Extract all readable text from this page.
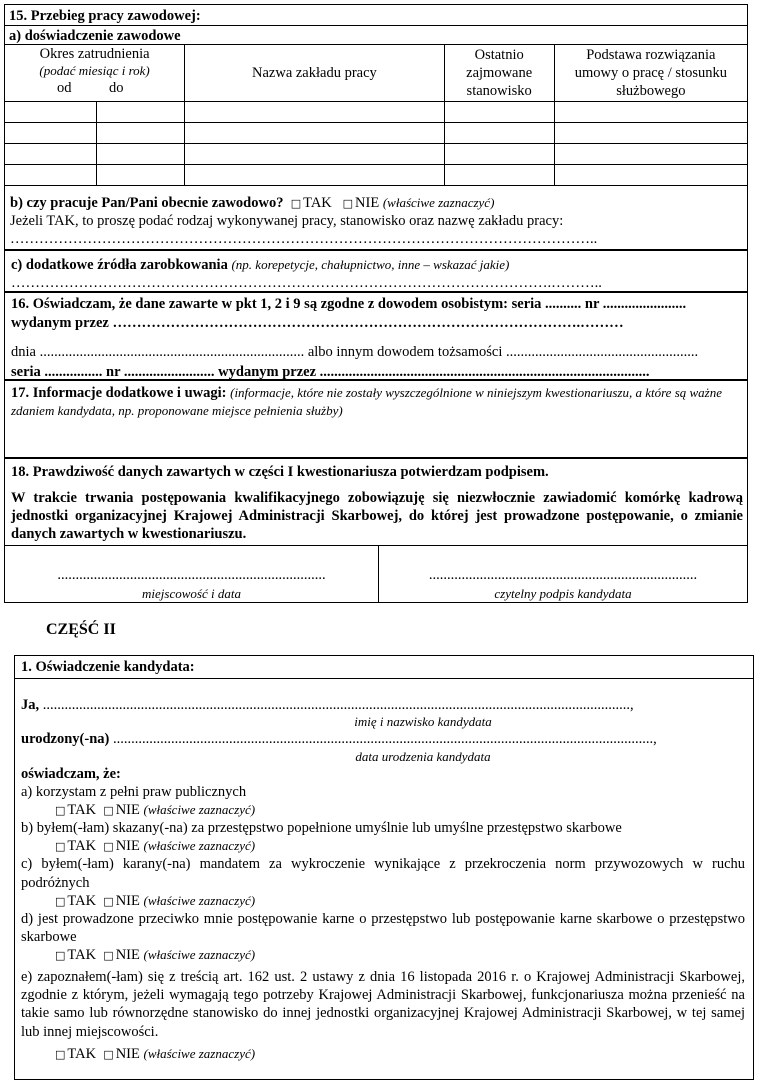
15. Przebieg pracy zawodowej:
a) doświadczenie zawodowe
Okres zatrudnienia
(podać miesiąc i rok)
od do		Nazwa zakładu pracy	Ostatnio zajmowane stanowisko	Podstawa rozwiązania umowy o pracę / stosunku służbowego

b) czy pracuje Pan/Pani obecnie zawodowo? □ TAK □ NIE (właściwe zaznaczyć)
Jeżeli TAK, to proszę podać rodzaj wykonywanej pracy, stanowisko oraz nazwę zakładu pracy:
…………………………………………………………………………………………………………..
c) dodatkowe źródła zarobkowania (np. korepetycje, chałupnictwo, inne – wskazać jakie)
………………………………………………………………………………………………….………..
16. Oświadczam, że dane zawarte w pkt 1, 2 i 9 są zgodne z dowodem osobistym: seria .......... nr .......................
wydanym przez …………………………………………………………………………………….………
dnia ......................................................................... albo innym dowodem tożsamości .....................................................
seria ................ nr ......................... wydanym przez ...........................................................................................
17. Informacje dodatkowe i uwagi: (informacje, które nie zostały wyszczególnione w niniejszym kwestionariuszu, a które są ważne zdaniem kandydata, np. proponowane miejsce pełnienia służby)
18. Prawdziwość danych zawartych w części I kwestionariusza potwierdzam podpisem.
W trakcie trwania postępowania kwalifikacyjnego zobowiązuję się niezwłocznie zawiadomić komórkę kadrową jednostki organizacyjnej Krajowej Administracji Skarbowej, do której jest prowadzone postępowanie, o zmianie danych zawartych w kwestionariuszu.
..........................................................................
miejscowość i data
..........................................................................
czytelny podpis kandydata
CZĘŚĆ II
1. Oświadczenie kandydata:
Ja, ..................................................................................................................................................................,
imię i nazwisko kandydata
urodzony(-na) .....................................................................................................................................................,
data urodzenia kandydata
oświadczam, że:
a) korzystam z pełni praw publicznych
□ TAK □ NIE (właściwe zaznaczyć)
b) byłem(-łam) skazany(-na) za przestępstwo popełnione umyślnie lub umyślne przestępstwo skarbowe
□ TAK □ NIE (właściwe zaznaczyć)
c) byłem(-łam) karany(-na) mandatem za wykroczenie wynikające z przekroczenia norm przywozowych w ruchu podróżnych
□ TAK □ NIE (właściwe zaznaczyć)
d) jest prowadzone przeciwko mnie postępowanie karne o przestępstwo lub postępowanie karne skarbowe o przestępstwo skarbowe
□ TAK □ NIE (właściwe zaznaczyć)
e) zapoznałem(-łam) się z treścią art. 162 ust. 2 ustawy z dnia 16 listopada 2016 r. o Krajowej Administracji Skarbowej, zgodnie z którym, jeżeli wymagają tego potrzeby Krajowej Administracji Skarbowej, funkcjonariusza można przenieść na takie samo lub równorzędne stanowisko do innej jednostki organizacyjnej Krajowej Administracji Skarbowej, w tej samej lub innej miejscowości.
□ TAK □ NIE (właściwe zaznaczyć)
